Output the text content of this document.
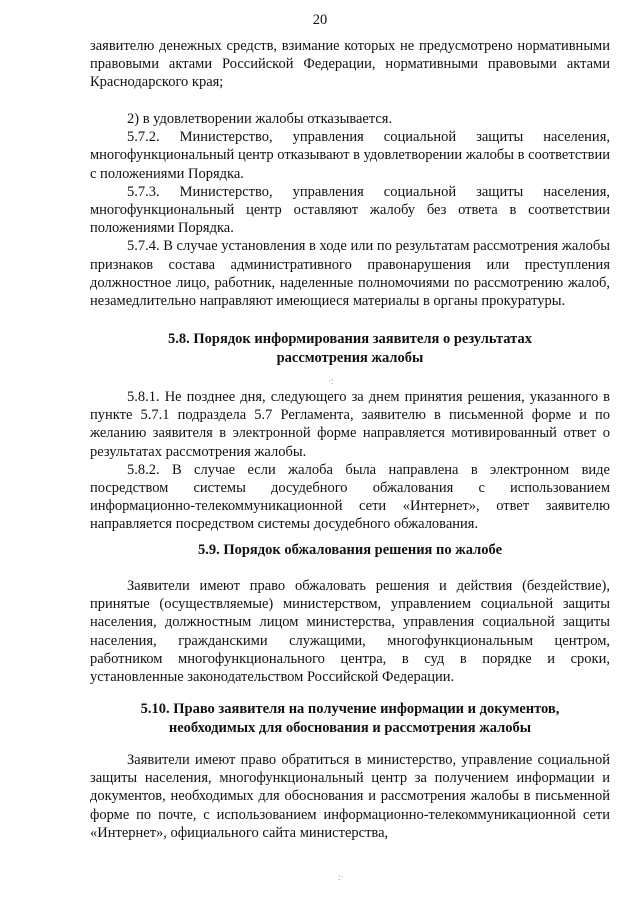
20

заявителю денежных средств, взимание которых не предусмотрено нормативными правовыми актами Российской Федерации, нормативными правовыми актами Краснодарского края;

2) в удовлетворении жалобы отказывается.

5.7.2. Министерство, управления социальной защиты населения, многофункциональный центр отказывают в удовлетворении жалобы в соответствии с положениями Порядка.

5.7.3. Министерство, управления социальной защиты населения, многофункциональный центр оставляют жалобу без ответа в соответствии положениями Порядка.

5.7.4. В случае установления в ходе или по результатам рассмотрения жалобы признаков состава административного правонарушения или преступления должностное лицо, работник, наделенные полномочиями по рассмотрению жалоб, незамедлительно направляют имеющиеся материалы в органы прокуратуры.

5.8. Порядок информирования заявителя о результатах
рассмотрения жалобы
·:

5.8.1. Не позднее дня, следующего за днем принятия решения, указанного в пункте 5.7.1 подраздела 5.7 Регламента, заявителю в письменной форме и по желанию заявителя в электронной форме направляется мотивированный ответ о результатах рассмотрения жалобы.

5.8.2. В случае если жалоба была направлена в электронном виде посредством системы досудебного обжалования с использованием информационно-телекоммуникационной сети «Интернет», ответ заявителю направляется посредством системы досудебного обжалования.

5.9. Порядок обжалования решения по жалобе

Заявители имеют право обжаловать решения и действия (бездействие), принятые (осуществляемые) министерством, управлением социальной защиты населения, должностным лицом министерства, управления социальной защиты населения, гражданскими служащими, многофункциональным центром, работником многофункционального центра, в суд в порядке и сроки, установленные законодательством Российской Федерации.

5.10. Право заявителя на получение информации и документов,
необходимых для обоснования и рассмотрения жалобы

Заявители имеют право обратиться в министерство, управление социальной защиты населения, многофункциональный центр за получением информации и документов, необходимых для обоснования и рассмотрения жалобы в письменной форме по почте, с использованием информационно-телекоммуникационной сети «Интернет», официального сайта министерства,

:·
